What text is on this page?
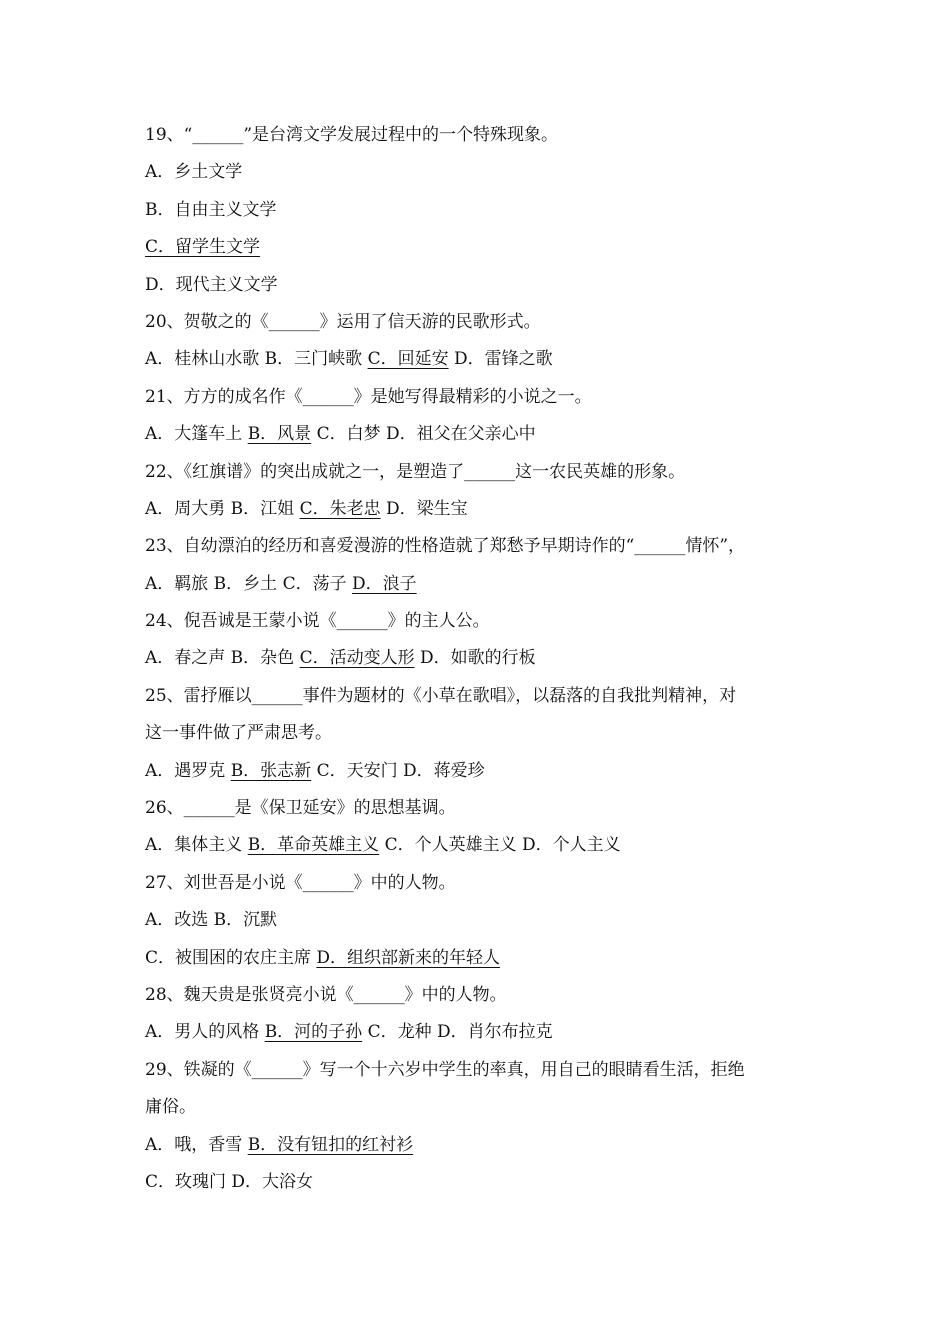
19、“______”是台湾文学发展过程中的一个特殊现象。
A．乡土文学
B．自由主义文学
C．留学生文学
D．现代主义文学
20、贺敬之的《______》运用了信天游的民歌形式。
A．桂林山水歌 B．三门峡歌 C．回延安 D．雷锋之歌
21、方方的成名作《______》是她写得最精彩的小说之一。
A．大篷车上 B．风景 C．白梦 D．祖父在父亲心中
22、《红旗谱》的突出成就之一，是塑造了______这一农民英雄的形象。
A．周大勇 B．江姐 C．朱老忠 D．梁生宝
23、自幼漂泊的经历和喜爱漫游的性格造就了郑愁予早期诗作的“______情怀”，
A．羁旅 B．乡土 C．荡子 D．浪子
24、倪吾诚是王蒙小说《______》的主人公。
A．春之声 B．杂色 C．活动变人形 D．如歌的行板
25、雷抒雁以______事件为题材的《小草在歌唱》，以磊落的自我批判精神，对
这一事件做了严肃思考。
A．遇罗克 B．张志新 C．天安门 D．蒋爱珍
26、______是《保卫延安》的思想基调。
A．集体主义 B．革命英雄主义 C．个人英雄主义 D．个人主义
27、刘世吾是小说《______》中的人物。
A．改选 B．沉默
C．被围困的农庄主席 D．组织部新来的年轻人
28、魏天贵是张贤亮小说《______》中的人物。
A．男人的风格 B．河的子孙 C．龙种 D．肖尔布拉克
29、铁凝的《______》写一个十六岁中学生的率真，用自己的眼睛看生活，拒绝
庸俗。
A．哦，香雪 B．没有钮扣的红衬衫
C．玫瑰门 D．大浴女
